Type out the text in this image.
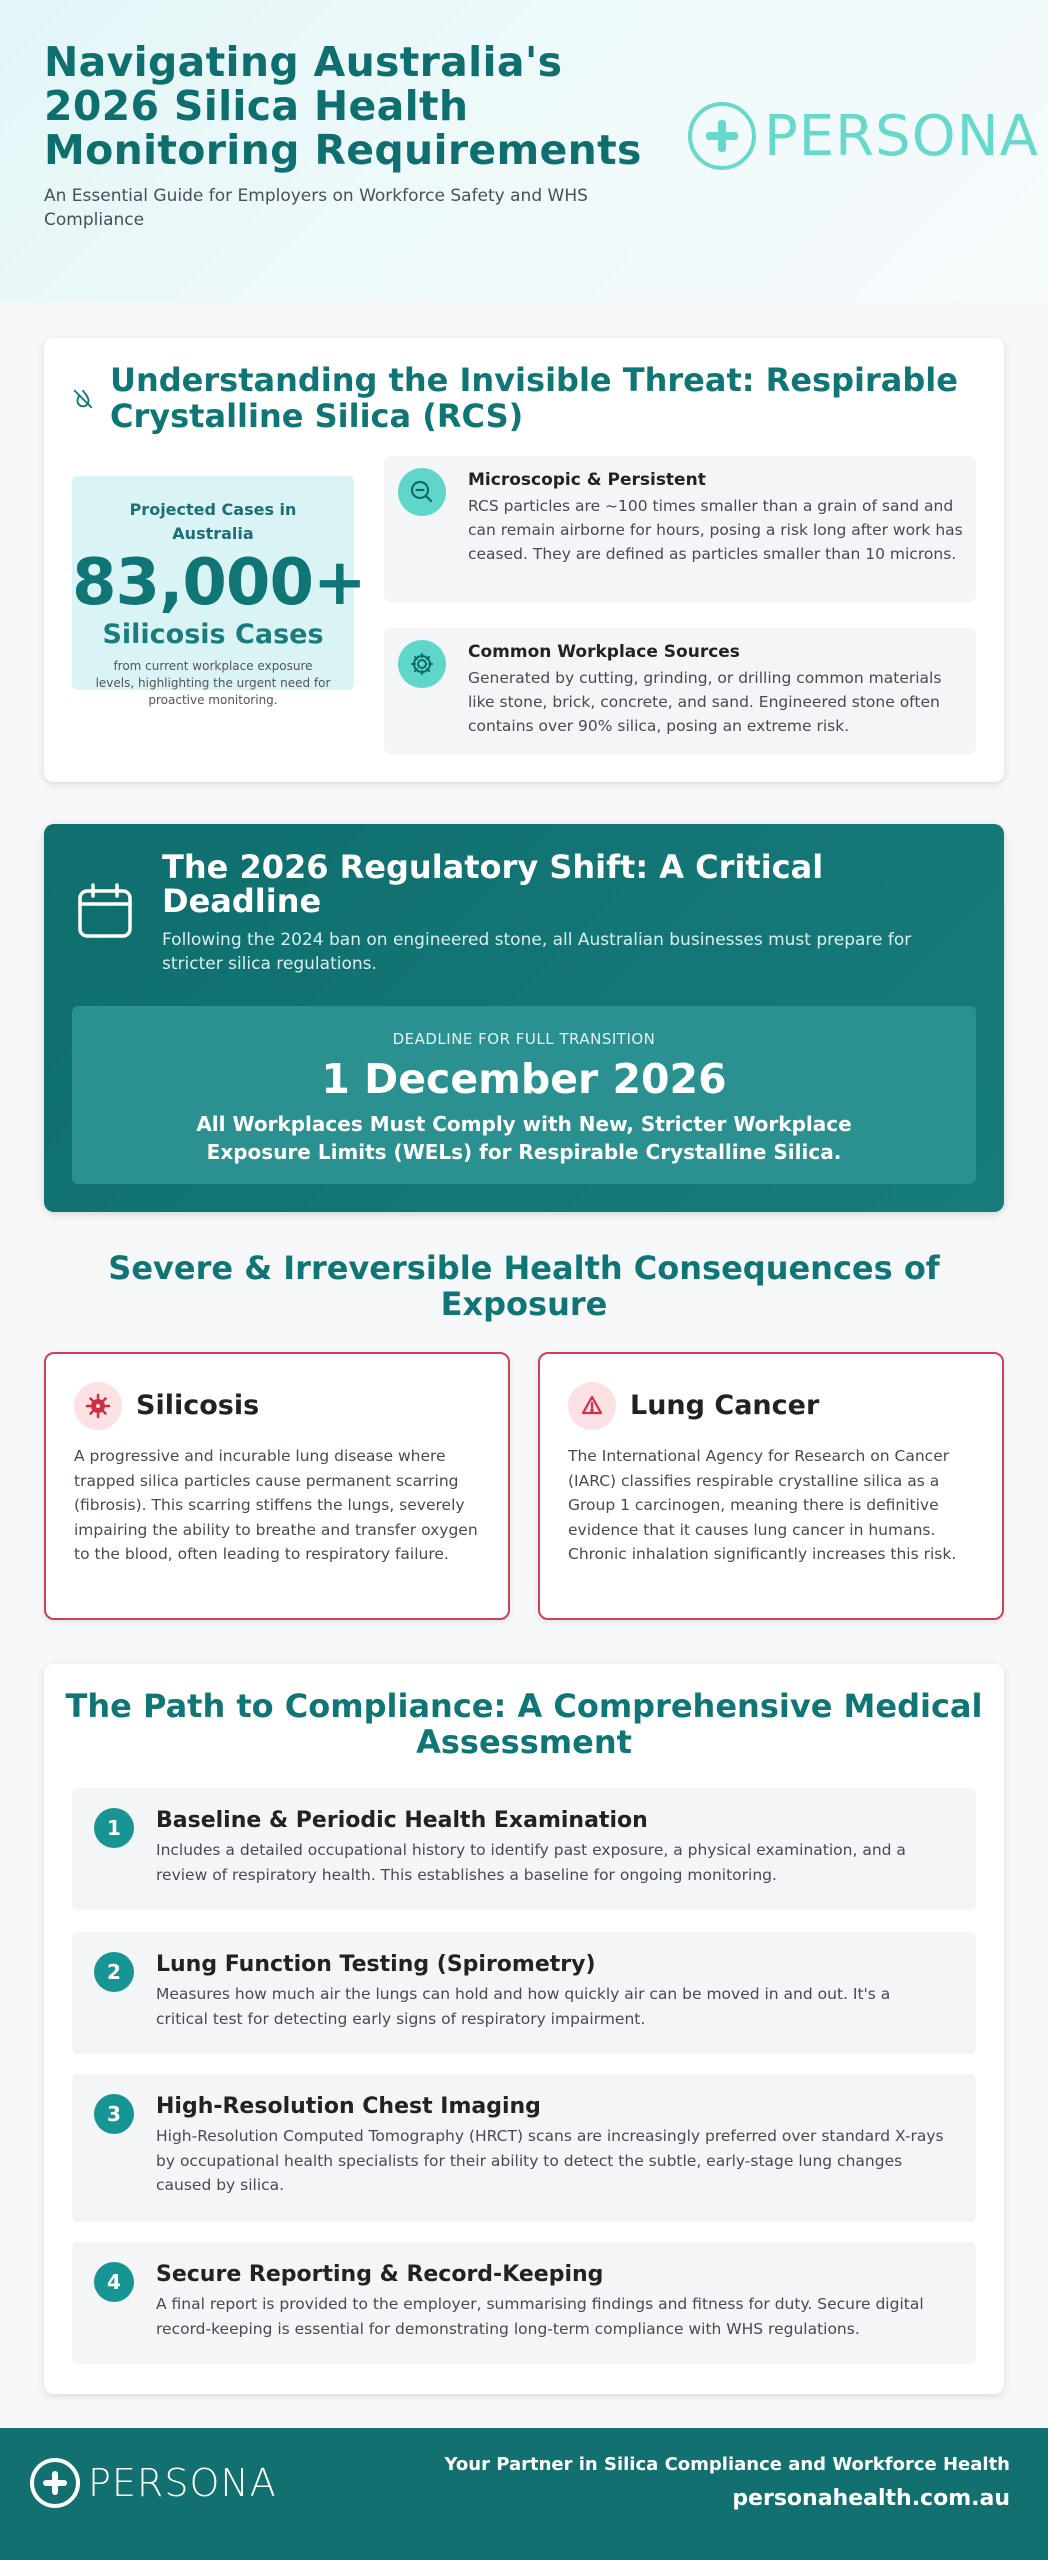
Navigating Australia's 2026 Silica Health Monitoring Requirements
An Essential Guide for Employers on Workforce Safety and WHS Compliance
PERSONA
Understanding the Invisible Threat: Respirable Crystalline Silica (RCS)
Projected Cases in Australia
83,000+
Silicosis Cases
from current workplace exposure levels, highlighting the urgent need for proactive monitoring.
Microscopic & Persistent
RCS particles are ~100 times smaller than a grain of sand and can remain airborne for hours, posing a risk long after work has ceased. They are defined as particles smaller than 10 microns.
Common Workplace Sources
Generated by cutting, grinding, or drilling common materials like stone, brick, concrete, and sand. Engineered stone often contains over 90% silica, posing an extreme risk.
The 2026 Regulatory Shift: A Critical Deadline
Following the 2024 ban on engineered stone, all Australian businesses must prepare for stricter silica regulations.
DEADLINE FOR FULL TRANSITION
1 December 2026
All Workplaces Must Comply with New, Stricter Workplace Exposure Limits (WELs) for Respirable Crystalline Silica.
Severe & Irreversible Health Consequences of Exposure
Silicosis
A progressive and incurable lung disease where trapped silica particles cause permanent scarring (fibrosis). This scarring stiffens the lungs, severely impairing the ability to breathe and transfer oxygen to the blood, often leading to respiratory failure.
Lung Cancer
The International Agency for Research on Cancer (IARC) classifies respirable crystalline silica as a Group 1 carcinogen, meaning there is definitive evidence that it causes lung cancer in humans. Chronic inhalation significantly increases this risk.
The Path to Compliance: A Comprehensive Medical Assessment
1	Baseline & Periodic Health Examination
Includes a detailed occupational history to identify past exposure, a physical examination, and a review of respiratory health. This establishes a baseline for ongoing monitoring.
2	Lung Function Testing (Spirometry)
Measures how much air the lungs can hold and how quickly air can be moved in and out. It's a critical test for detecting early signs of respiratory impairment.
3	High-Resolution Chest Imaging
High-Resolution Computed Tomography (HRCT) scans are increasingly preferred over standard X-rays by occupational health specialists for their ability to detect the subtle, early-stage lung changes caused by silica.
4	Secure Reporting & Record-Keeping
A final report is provided to the employer, summarising findings and fitness for duty. Secure digital record-keeping is essential for demonstrating long-term compliance with WHS regulations.
PERSONA	Your Partner in Silica Compliance and Workforce Health
personahealth.com.au
